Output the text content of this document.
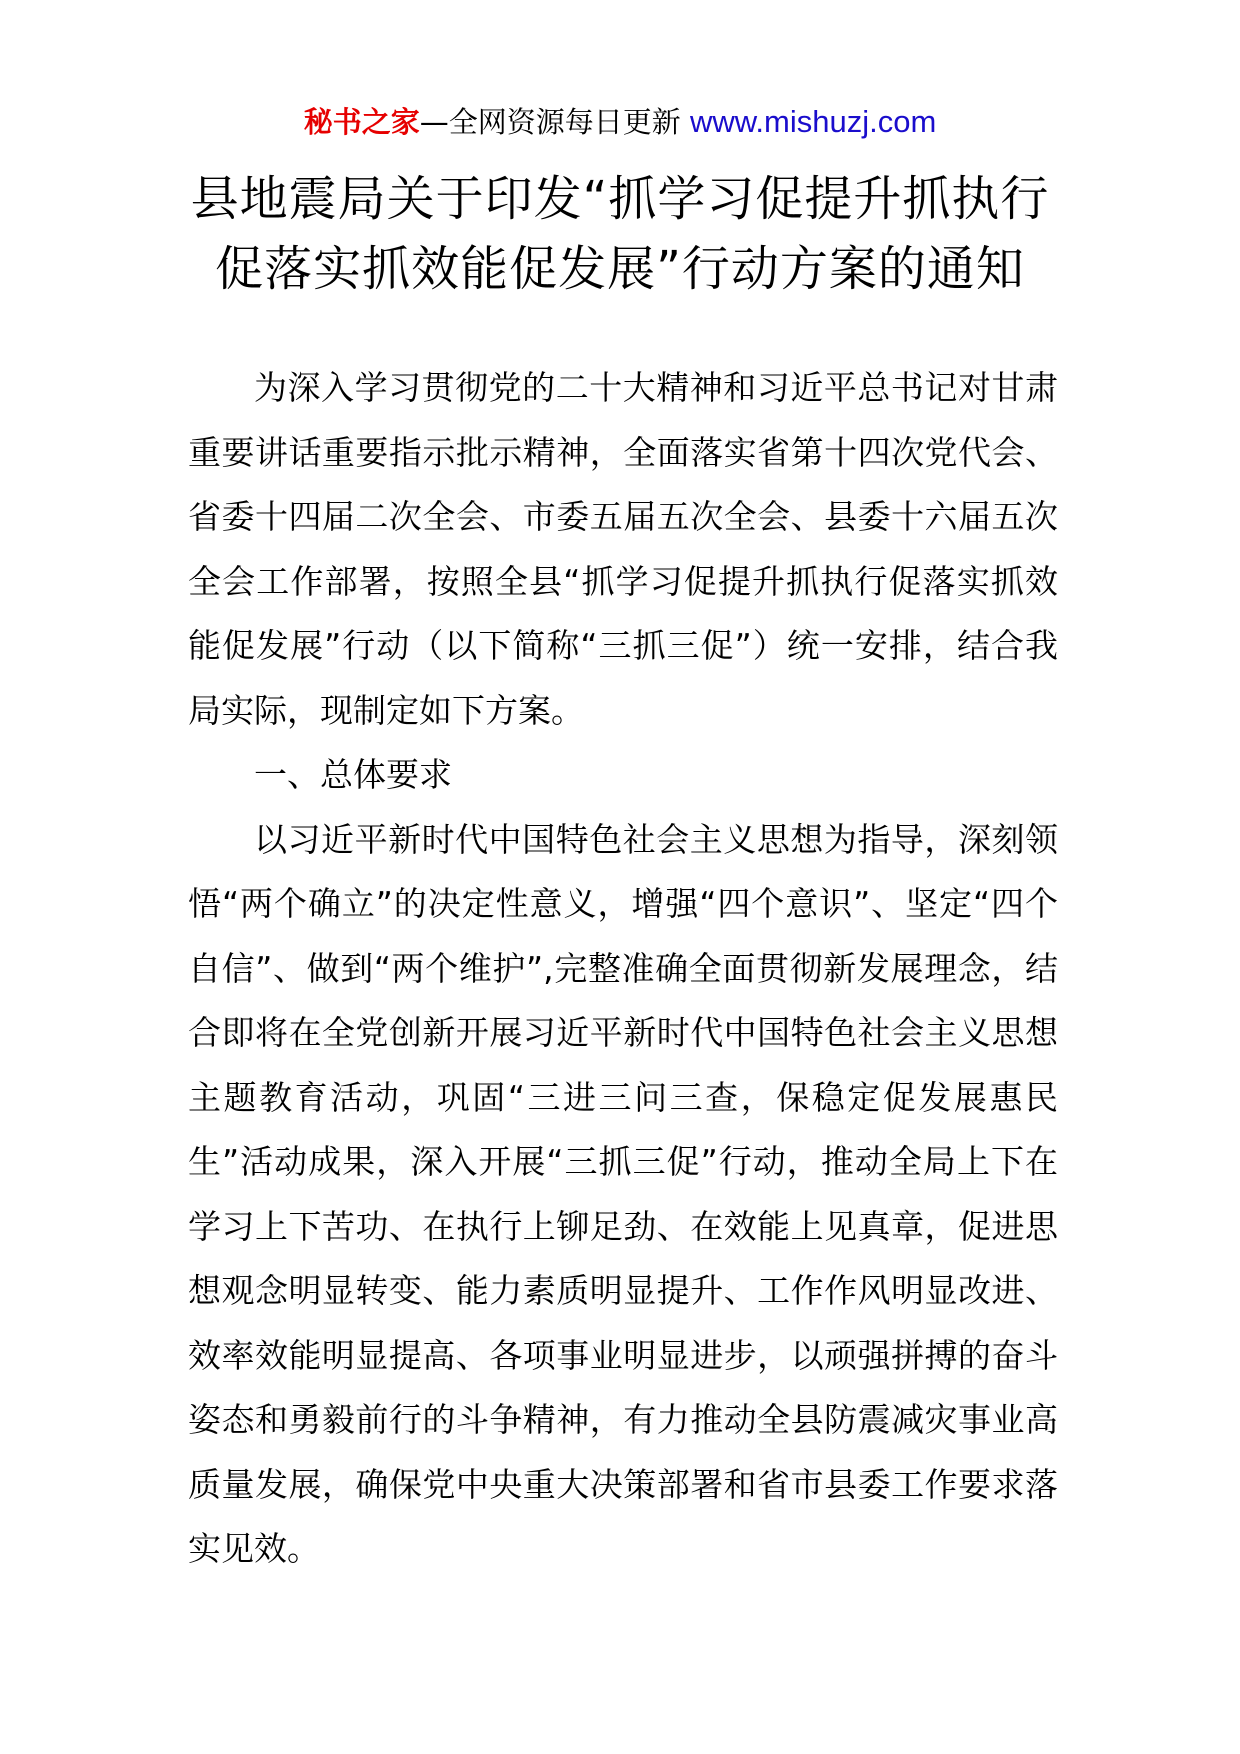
秘书之家—全网资源每日更新 www.mishuzj.com
县地震局关于印发“抓学习促提升抓执行
促落实抓效能促发展”行动方案的通知

为深入学习贯彻党的二十大精神和习近平总书记对甘肃重要讲话重要指示批示精神，全面落实省第十四次党代会、省委十四届二次全会、市委五届五次全会、县委十六届五次全会工作部署，按照全县“抓学习促提升抓执行促落实抓效能促发展”行动（以下简称“三抓三促”）统一安排，结合我局实际，现制定如下方案。

一、总体要求

以习近平新时代中国特色社会主义思想为指导，深刻领悟“两个确立”的决定性意义，增强“四个意识”、坚定“四个自信”、做到“两个维护”,完整准确全面贯彻新发展理念，结合即将在全党创新开展习近平新时代中国特色社会主义思想主题教育活动，巩固“三进三问三查，保稳定促发展惠民生”活动成果，深入开展“三抓三促”行动，推动全局上下在学习上下苦功、在执行上铆足劲、在效能上见真章，促进思想观念明显转变、能力素质明显提升、工作作风明显改进、效率效能明显提高、各项事业明显进步，以顽强拼搏的奋斗姿态和勇毅前行的斗争精神，有力推动全县防震减灾事业高质量发展，确保党中央重大决策部署和省市县委工作要求落实见效。
